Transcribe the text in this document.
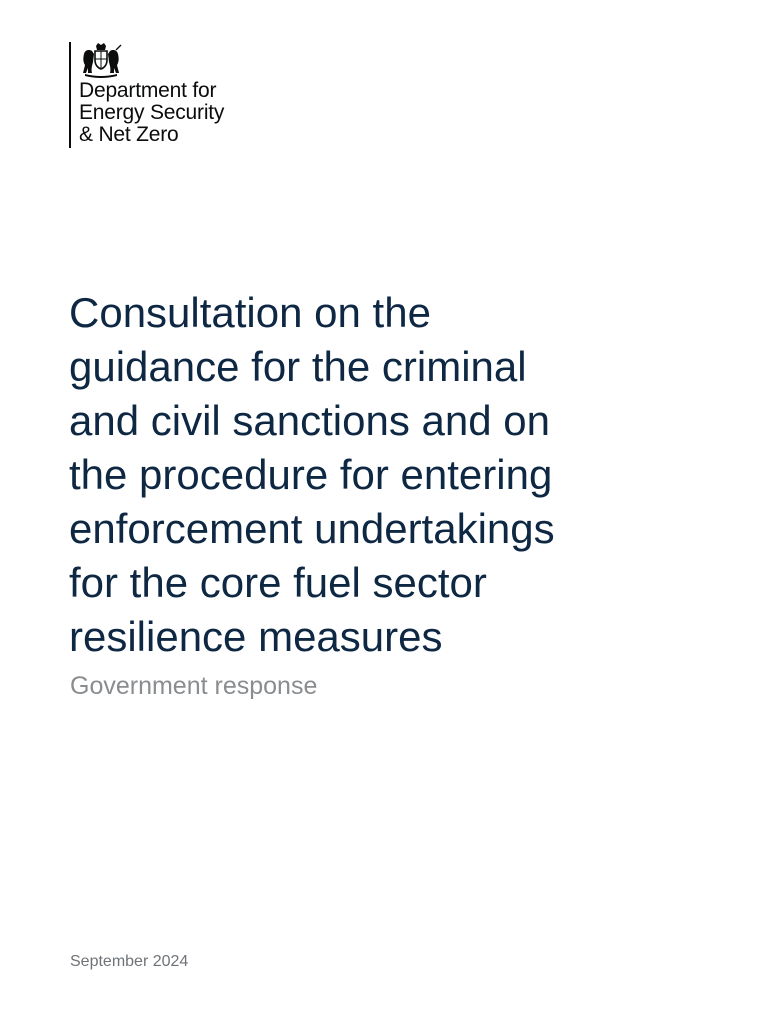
Department for
Energy Security
& Net Zero

Consultation on the
guidance for the criminal
and civil sanctions and on
the procedure for entering
enforcement undertakings
for the core fuel sector
resilience measures
Government response

September 2024
